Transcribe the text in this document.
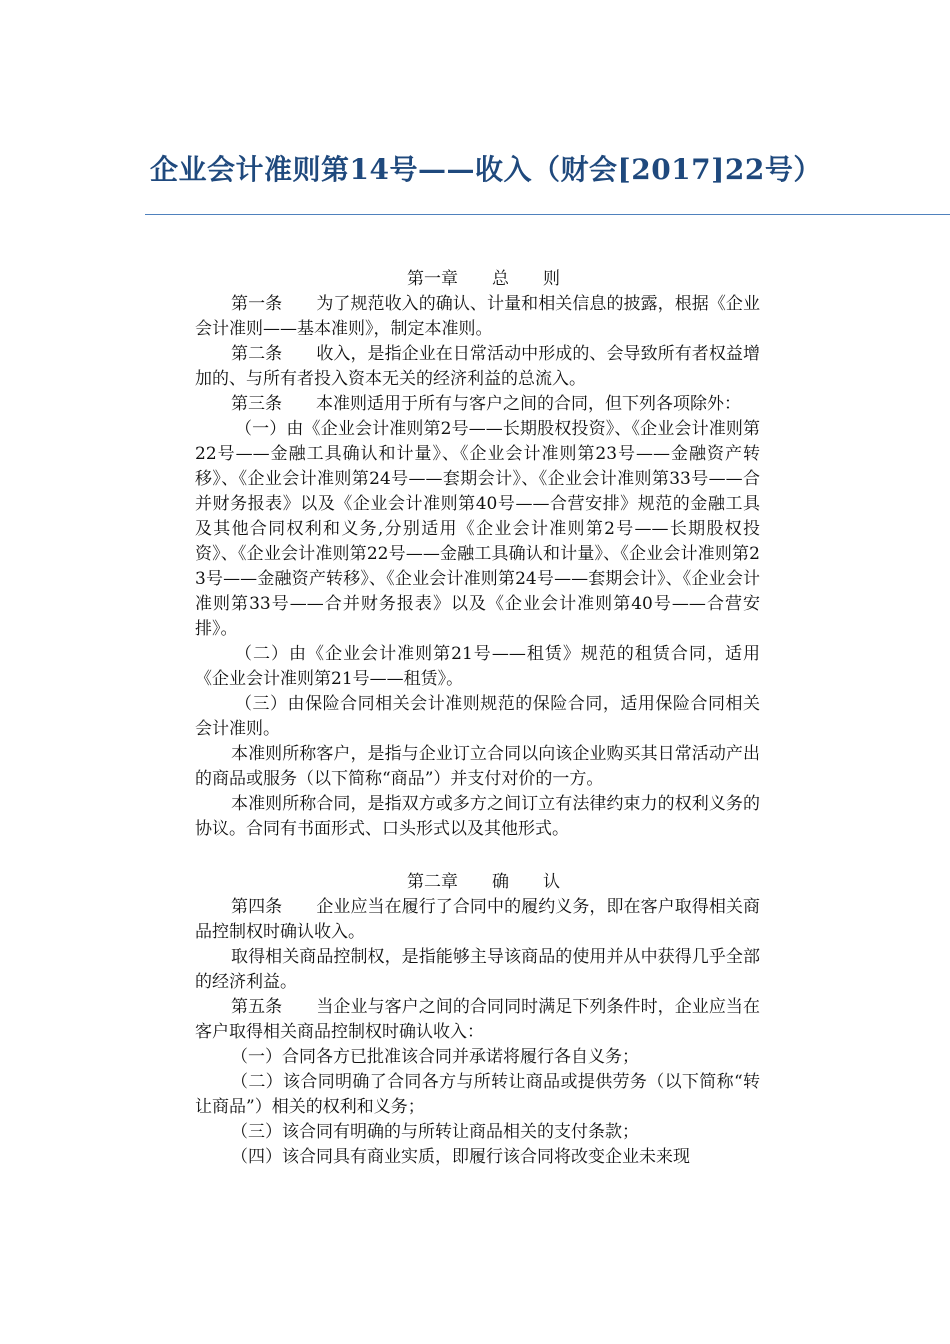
企业会计准则第14号——收入（财会[2017]22号）
第一章　　总　　则

第一条　　为了规范收入的确认、计量和相关信息的披露，根据《企业会计准则——基本准则》，制定本准则。

第二条　　收入，是指企业在日常活动中形成的、会导致所有者权益增加的、与所有者投入资本无关的经济利益的总流入。

第三条　　本准则适用于所有与客户之间的合同，但下列各项除外：

（一）由《企业会计准则第2号——长期股权投资》、《企业会计准则第22号——金融工具确认和计量》、《企业会计准则第23号——金融资产转移》、《企业会计准则第24号——套期会计》、《企业会计准则第33号——合并财务报表》以及《企业会计准则第40号——合营安排》规范的金融工具及其他合同权利和义务,分别适用《企业会计准则第2号——长期股权投资》、《企业会计准则第22号——金融工具确认和计量》、《企业会计准则第23号——金融资产转移》、《企业会计准则第24号——套期会计》、《企业会计准则第33号——合并财务报表》以及《企业会计准则第40号——合营安排》。

（二）由《企业会计准则第21号——租赁》规范的租赁合同，适用《企业会计准则第21号——租赁》。

（三）由保险合同相关会计准则规范的保险合同，适用保险合同相关会计准则。

本准则所称客户，是指与企业订立合同以向该企业购买其日常活动产出的商品或服务（以下简称“商品”）并支付对价的一方。

本准则所称合同，是指双方或多方之间订立有法律约束力的权利义务的协议。合同有书面形式、口头形式以及其他形式。

第二章　　确　　认

第四条　　企业应当在履行了合同中的履约义务，即在客户取得相关商品控制权时确认收入。

取得相关商品控制权，是指能够主导该商品的使用并从中获得几乎全部的经济利益。

第五条　　当企业与客户之间的合同同时满足下列条件时，企业应当在客户取得相关商品控制权时确认收入：

（一）合同各方已批准该合同并承诺将履行各自义务；

（二）该合同明确了合同各方与所转让商品或提供劳务（以下简称“转让商品”）相关的权利和义务；

（三）该合同有明确的与所转让商品相关的支付条款；

（四）该合同具有商业实质，即履行该合同将改变企业未来现
